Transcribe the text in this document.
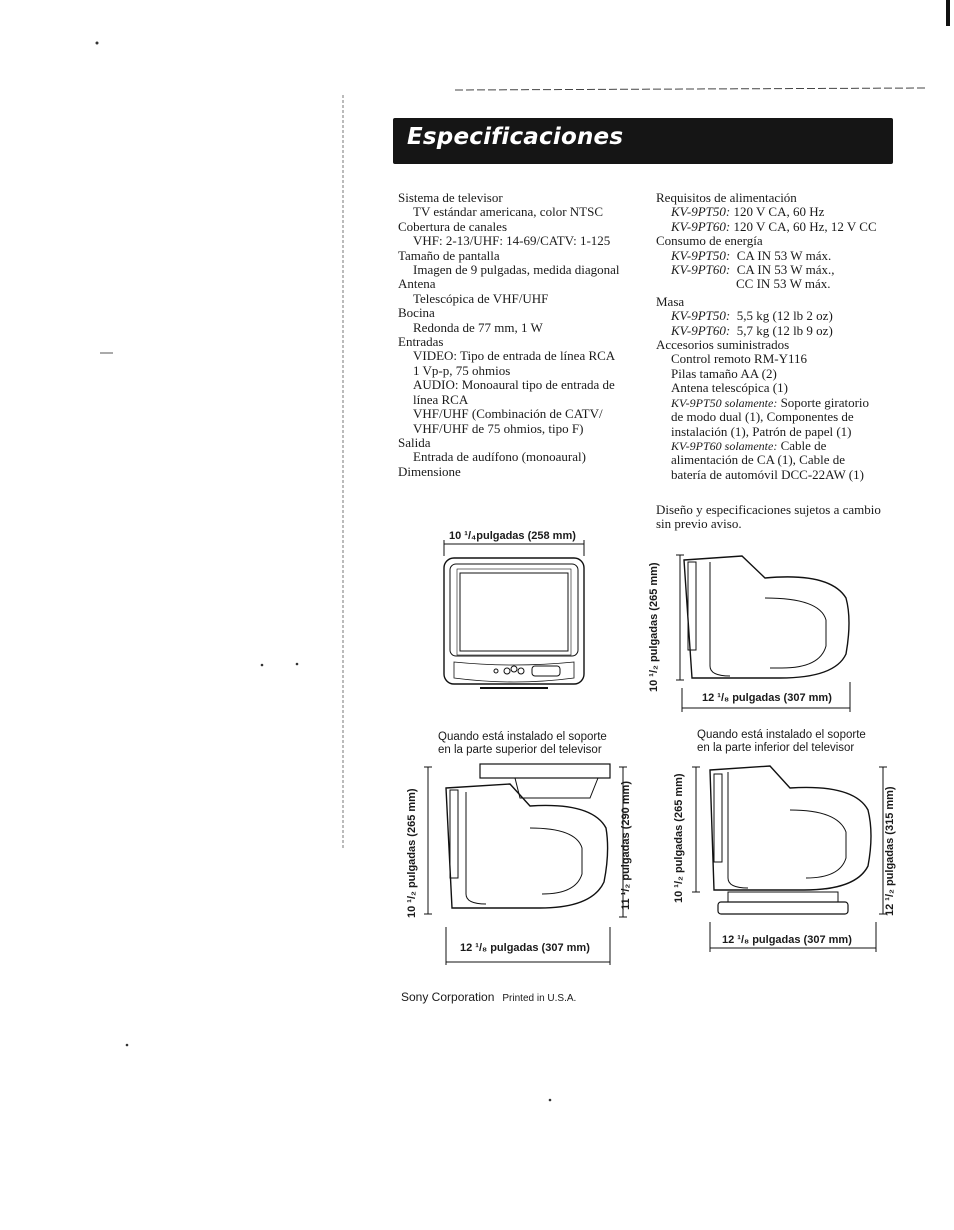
Especificaciones
Sistema de televisor
TV estándar americana, color NTSC
Cobertura de canales
VHF: 2-13/UHF: 14-69/CATV: 1-125
Tamaño de pantalla
Imagen de 9 pulgadas, medida diagonal
Antena
Telescópica de VHF/UHF
Bocina
Redonda de 77 mm, 1 W
Entradas
VIDEO: Tipo de entrada de línea RCA
1 Vp-p, 75 ohmios
AUDIO: Monoaural tipo de entrada de
línea RCA
VHF/UHF (Combinación de CATV/
VHF/UHF de 75 ohmios, tipo F)
Salida
Entrada de audífono (monoaural)
Dimensione
Requisitos de alimentación
KV-9PT50: 120 V CA, 60 Hz
KV-9PT60: 120 V CA, 60 Hz, 12 V CC
Consumo de energía
KV-9PT50:  CA IN 53 W máx.
KV-9PT60:  CA IN 53 W máx.,
CC IN 53 W máx.
Masa
KV-9PT50:  5,5 kg (12 lb 2 oz)
KV-9PT60:  5,7 kg (12 lb 9 oz)
Accesorios suministrados
Control remoto RM-Y116
Pilas tamaño AA (2)
Antena telescópica (1)
KV-9PT50 solamente: Soporte giratorio
de modo dual (1), Componentes de
instalación (1), Patrón de papel (1)
KV-9PT60 solamente: Cable de
alimentación de CA (1), Cable de
batería de automóvil DCC-22AW (1)
Diseño y especificaciones sujetos a cambio
sin previo aviso.
10 ¹/₄pulgadas (258 mm)
10 ¹/₂ pulgadas (265 mm)
12 ¹/₈ pulgadas (307 mm)
Quando está instalado el soporte
en la parte superior del televisor
10 ¹/₂ pulgadas (265 mm)	11 ¹/₂ pulgadas (290 mm)
12 ¹/₈ pulgadas (307 mm)
Quando está instalado el soporte
en la parte inferior del televisor
10 ¹/₂ pulgadas (265 mm)	12 ¹/₂ pulgadas (315 mm)
12 ¹/₈ pulgadas (307 mm)
Sony Corporation Printed in U.S.A.
